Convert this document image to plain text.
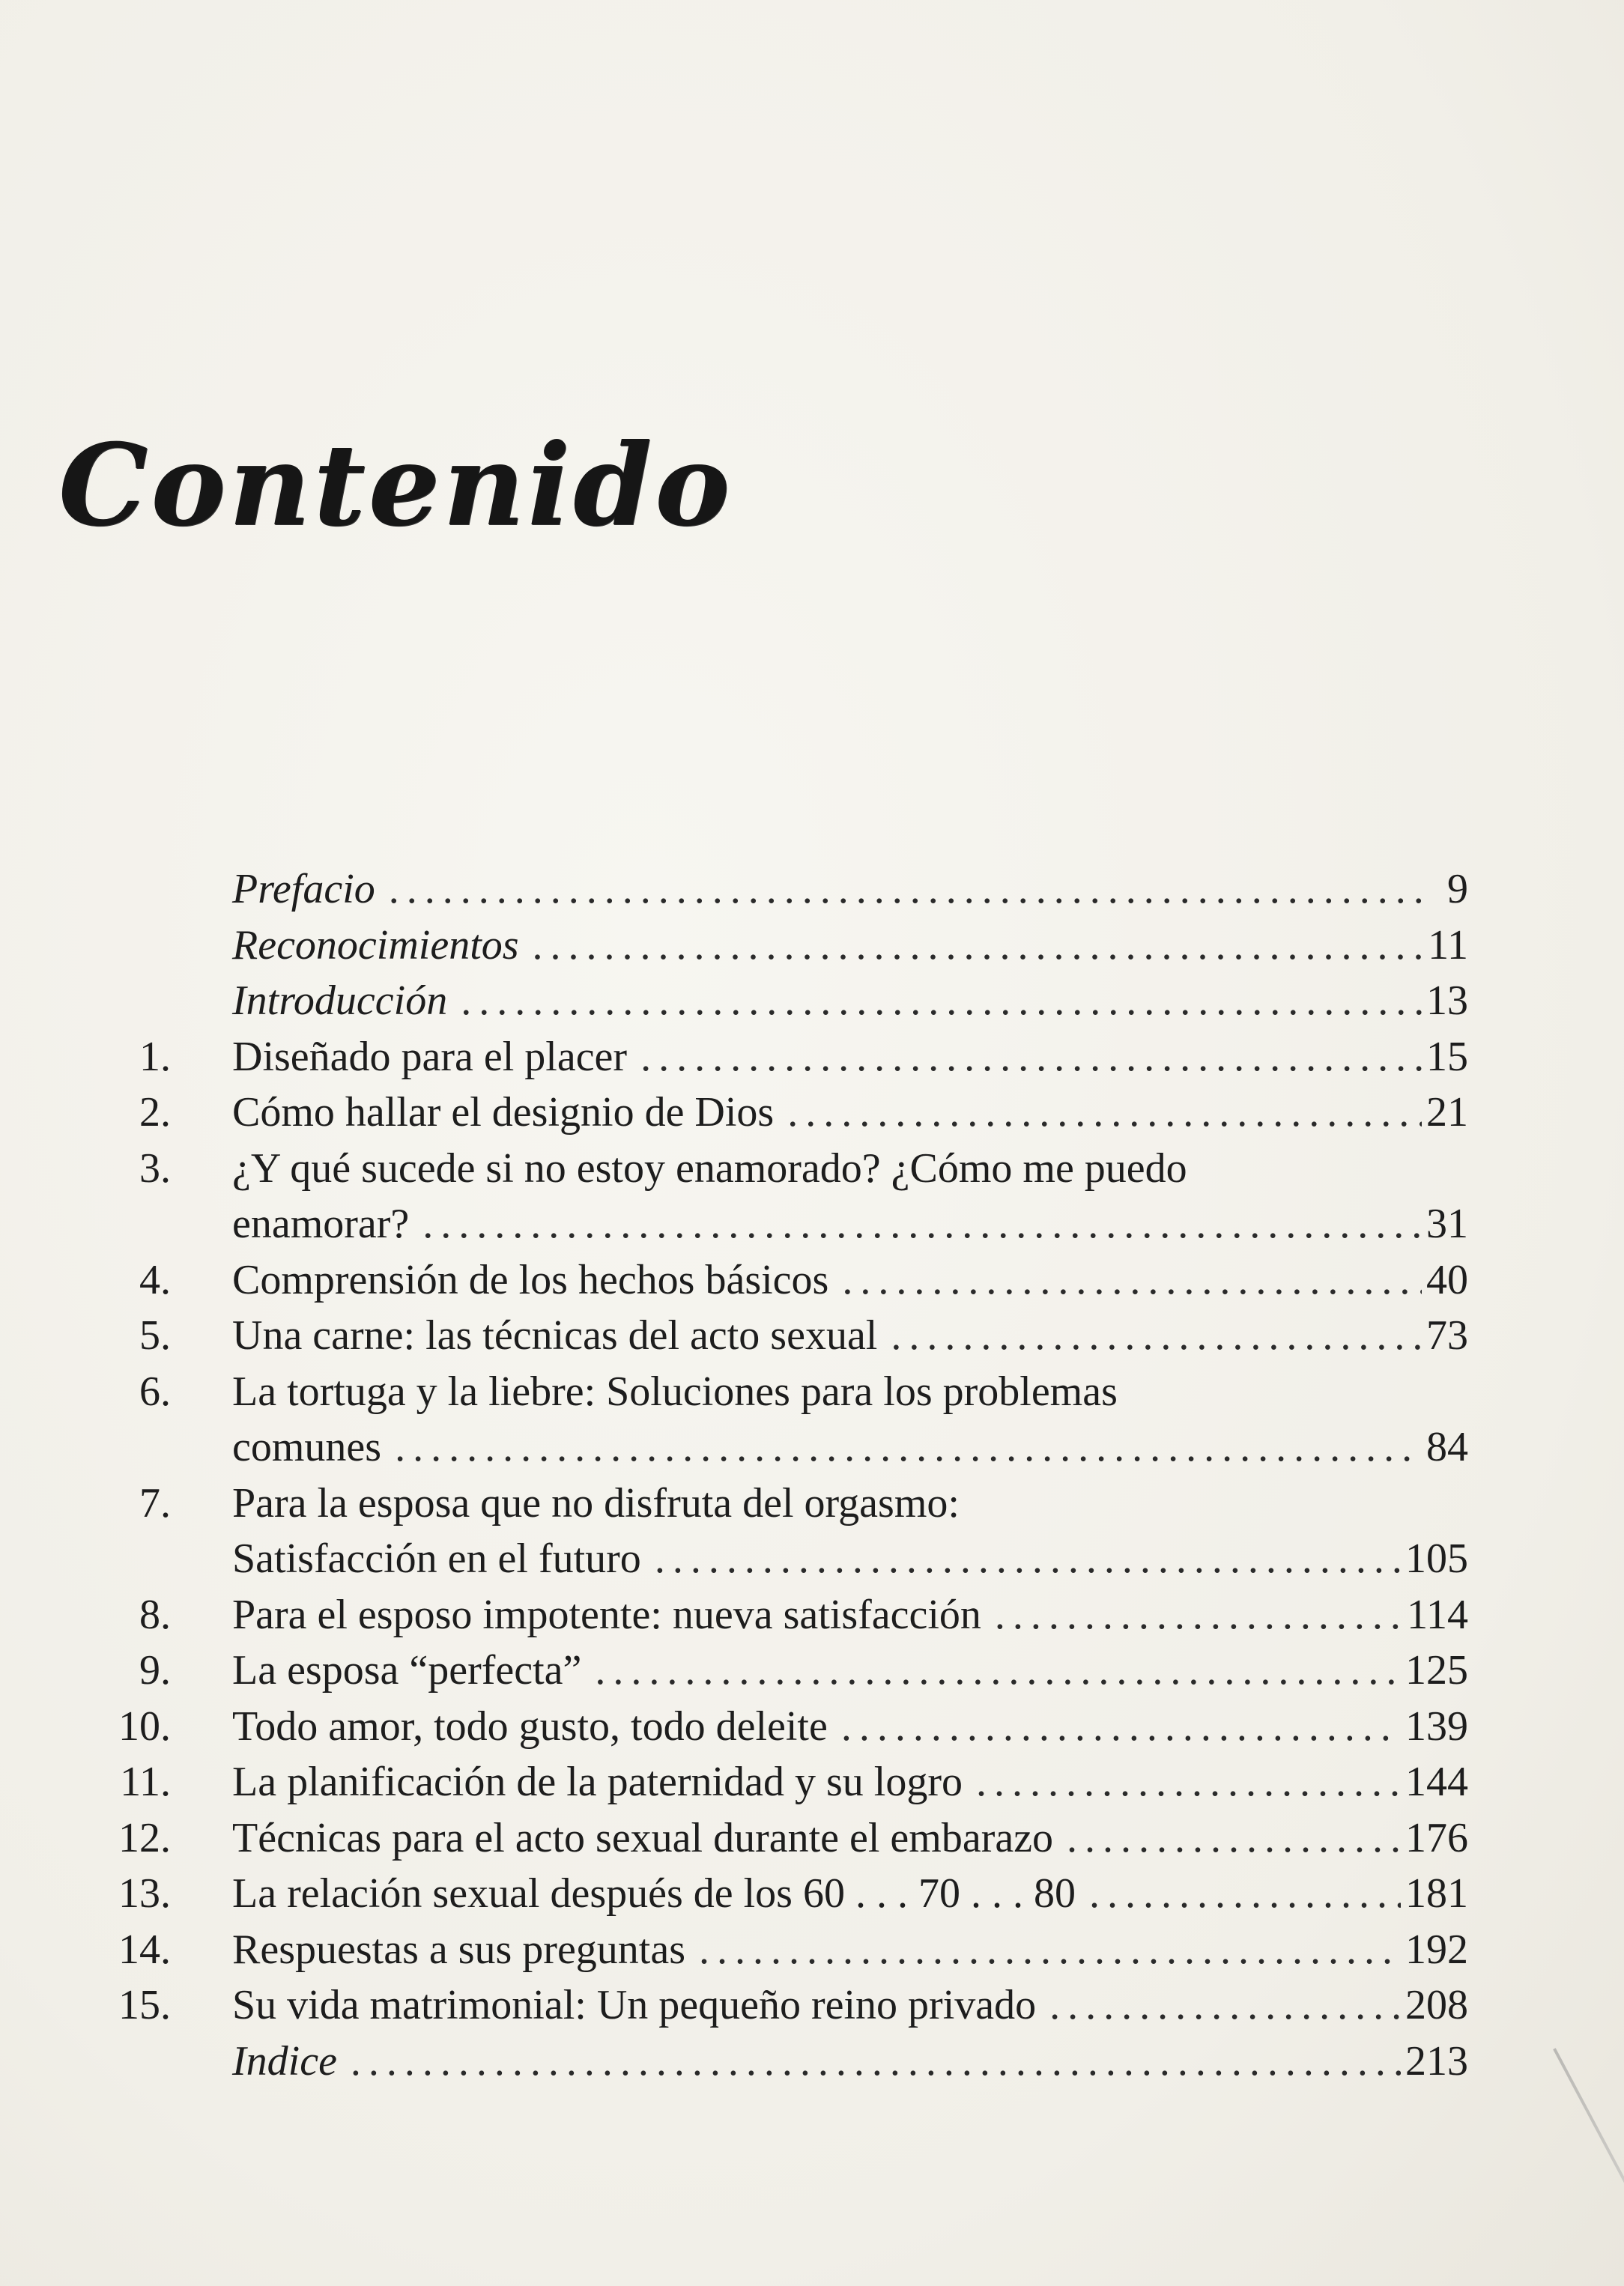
Contenido
Prefacio . . .	9
Reconocimientos . . .	11
Introducción . . .	13
1. Diseñado para el placer . . .	15
2. Cómo hallar el designio de Dios . . .	21
3. ¿Y qué sucede si no estoy enamorado? ¿Cómo me puedo
enamorar? . . .	31
4. Comprensión de los hechos básicos . . .	40
5. Una carne: las técnicas del acto sexual . . .	73
6. La tortuga y la liebre: Soluciones para los problemas
comunes . . .	84
7. Para la esposa que no disfruta del orgasmo:
Satisfacción en el futuro . . .	105
8. Para el esposo impotente: nueva satisfacción . . .	114
9. La esposa “perfecta” . . .	125
10. Todo amor, todo gusto, todo deleite . . .	139
11. La planificación de la paternidad y su logro . . .	144
12. Técnicas para el acto sexual durante el embarazo . . .	176
13. La relación sexual después de los 60 . . . 70 . . . 80 . . .	181
14. Respuestas a sus preguntas . . .	192
15. Su vida matrimonial: Un pequeño reino privado . . .	208
Indice . . .	213
